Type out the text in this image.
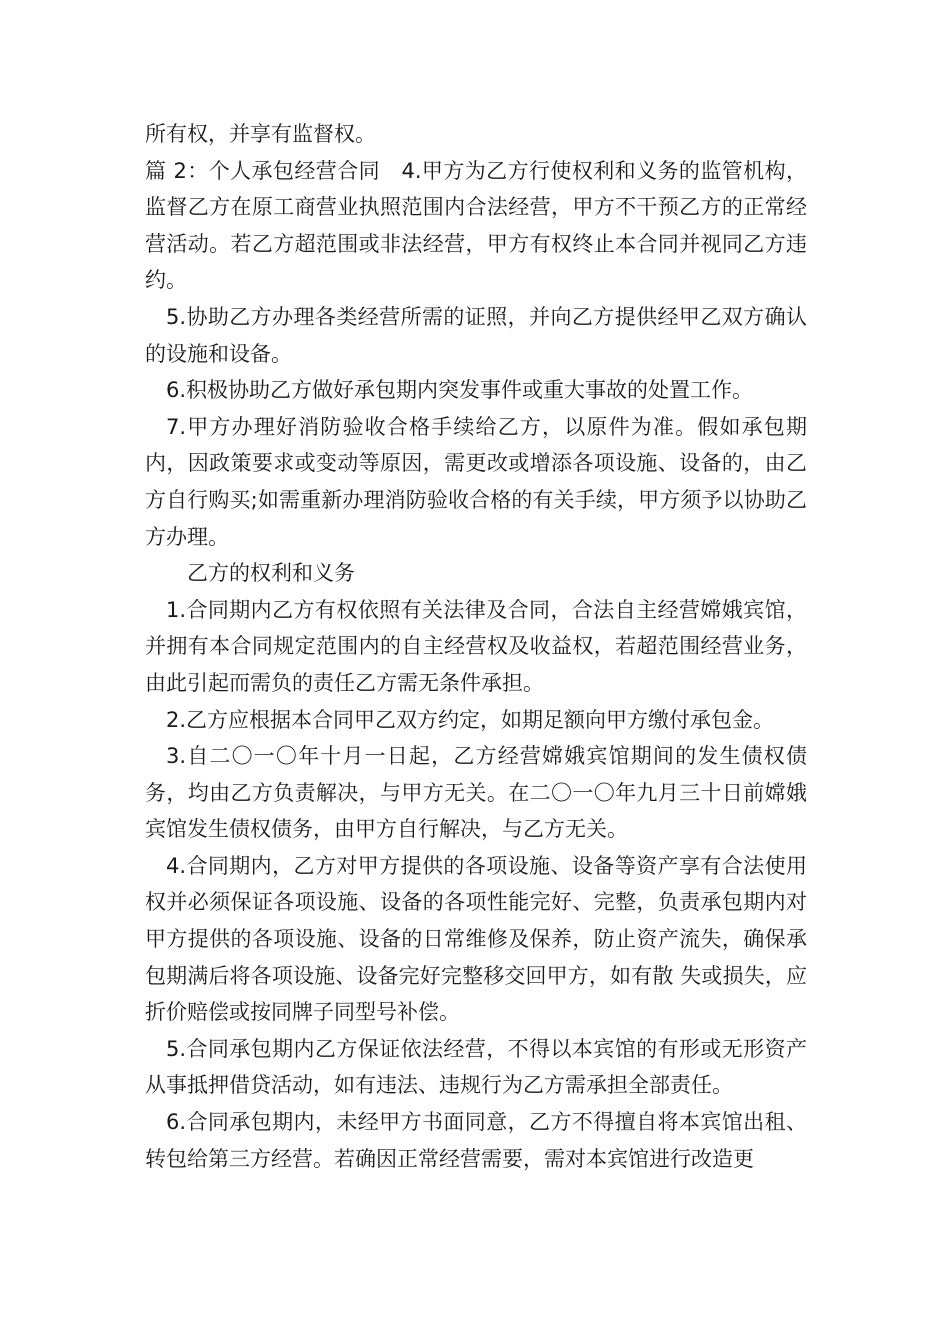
所有权，并享有监督权。

篇 2：个人承包经营合同　4.甲方为乙方行使权利和义务的监管机构，监督乙方在原工商营业执照范围内合法经营，甲方不干预乙方的正常经营活动。若乙方超范围或非法经营，甲方有权终止本合同并视同乙方违约。

5.协助乙方办理各类经营所需的证照，并向乙方提供经甲乙双方确认的设施和设备。

6.积极协助乙方做好承包期内突发事件或重大事故的处置工作。

7.甲方办理好消防验收合格手续给乙方，以原件为准。假如承包期内，因政策要求或变动等原因，需更改或增添各项设施、设备的，由乙方自行购买;如需重新办理消防验收合格的有关手续，甲方须予以协助乙方办理。

乙方的权利和义务

1.合同期内乙方有权依照有关法律及合同，合法自主经营嫦娥宾馆，并拥有本合同规定范围内的自主经营权及收益权，若超范围经营业务，由此引起而需负的责任乙方需无条件承担。

2.乙方应根据本合同甲乙双方约定，如期足额向甲方缴付承包金。

3.自二〇一〇年十月一日起，乙方经营嫦娥宾馆期间的发生债权债务，均由乙方负责解决，与甲方无关。在二〇一〇年九月三十日前嫦娥宾馆发生债权债务，由甲方自行解决，与乙方无关。

4.合同期内，乙方对甲方提供的各项设施、设备等资产享有合法使用权并必须保证各项设施、设备的各项性能完好、完整，负责承包期内对甲方提供的各项设施、设备的日常维修及保养，防止资产流失，确保承包期满后将各项设施、设备完好完整移交回甲方，如有散 失或损失，应折价赔偿或按同牌子同型号补偿。

5.合同承包期内乙方保证依法经营，不得以本宾馆的有形或无形资产从事抵押借贷活动，如有违法、违规行为乙方需承担全部责任。

6.合同承包期内，未经甲方书面同意，乙方不得擅自将本宾馆出租、转包给第三方经营。若确因正常经营需要，需对本宾馆进行改造更
